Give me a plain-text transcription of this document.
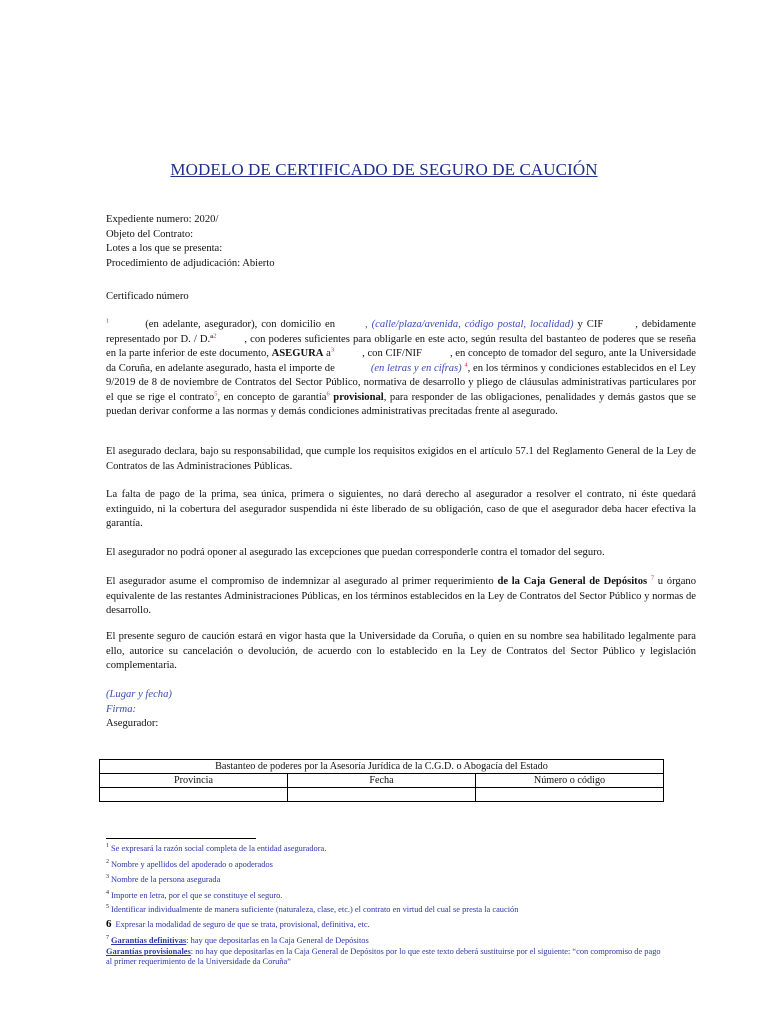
MODELO DE CERTIFICADO DE SEGURO DE CAUCIÓN
Expediente numero: 2020/
Objeto del Contrato:
Lotes a los que se presenta:
Procedimiento de adjudicación: Abierto
Certificado número
$^1$	(en adelante, asegurador), con domicilio en	, (calle/plaza/avenida, código postal, localidad) y CIF	, debidamente representado por D. / D.ª$^2$	, con poderes suficientes para obligarle en este acto, según resulta del bastanteo de poderes que se reseña en la parte inferior de este documento, ASEGURA $a^3$	, con CIF/NIF	, en concepto de tomador del seguro, ante la Universidade da Coruña, en adelante asegurado, hasta el importe de	(en letras y en cifras) $^4$, en los términos y condiciones establecidos en el Ley 9/2019 de 8 de noviembre de Contratos del Sector Público, normativa de desarrollo y pliego de cláusulas administrativas particulares por el que se rige el contrato$^5$, en concepto de garantía$^6$ provisional, para responder de las obligaciones, penalidades y demás gastos que se puedan derivar conforme a las normas y demás condiciones administrativas precitadas frente al asegurado.
El asegurado declara, bajo su responsabilidad, que cumple los requisitos exigidos en el artículo 57.1 del Reglamento General de la Ley de Contratos de las Administraciones Públicas.
La falta de pago de la prima, sea única, primera o siguientes, no dará derecho al asegurador a resolver el contrato, ni éste quedará extinguido, ni la cobertura del asegurador suspendida ni éste liberado de su obligación, caso de que el asegurador deba hacer efectiva la garantía.
El asegurador no podrá oponer al asegurado las excepciones que puedan corresponderle contra el tomador del seguro.
El asegurador asume el compromiso de indemnizar al asegurado al primer requerimiento de la Caja General de Depósitos $^7$ u órgano equivalente de las restantes Administraciones Públicas, en los términos establecidos en la Ley de Contratos del Sector Público y normas de desarrollo.
El presente seguro de caución estará en vigor hasta que la Universidade da Coruña, o quien en su nombre sea habilitado legalmente para ello, autorice su cancelación o devolución, de acuerdo con lo establecido en la Ley de Contratos del Sector Público y legislación complementaria.
(Lugar y fecha)
Firma:
Asegurador:
Bastanteo de poderes por la Asesoría Jurídica de la C.G.D. o Abogacía del Estado		
Provincia	Fecha	Número o código

$^1$ Se expresará la razón social completa de la entidad aseguradora.
$^2$ Nombre y apellidos del apoderado o apoderados
$^3$ Nombre de la persona asegurada
$^4$ Importe en letra, por el que se constituye el seguro.
$^5$ Identificar individualmente de manera suficiente (naturaleza, clase, etc.) el contrato en virtud del cual se presta la caución
6 Expresar la modalidad de seguro de que se trata, provisional, definitiva, etc.
$^7$ Garantías definitivas: hay que depositarlas en la Caja General de Depósitos
Garantías provisionales: no hay que depositarlas en la Caja General de Depósitos por lo que este texto deberá sustituirse por el siguiente: “con compromiso de pago al primer requerimiento de la Universidade da Coruña”
